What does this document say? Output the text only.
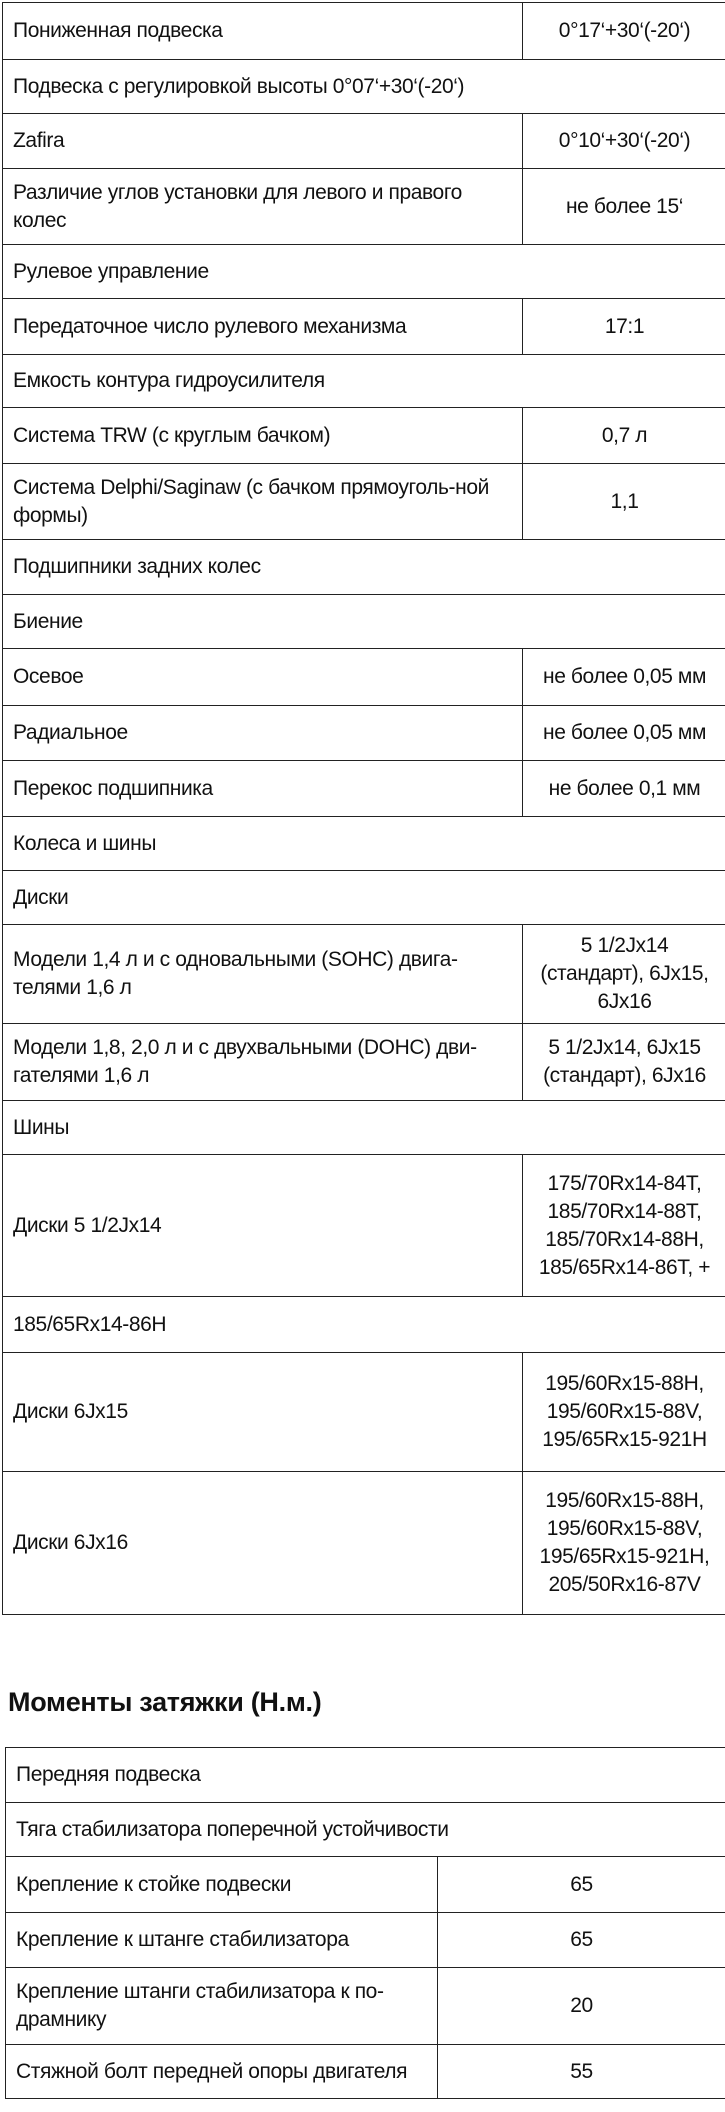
Пониженная подвеска	0°17‘+30‘(-20‘)
Подвеска с регулировкой высоты 0°07‘+30‘(-20‘)	
Zafira	0°10‘+30‘(-20‘)
Различие углов установки для левого и правого колес	не более 15‘
Рулевое управление	
Передаточное число рулевого механизма	17:1
Емкость контура гидроусилителя	
Система TRW (с круглым бачком)	0,7 л
Система Delphi/Saginaw (с бачком прямоуголь-ной формы)	1,1
Подшипники задних колес	
Биение	
Осевое	не более 0,05 мм
Радиальное	не более 0,05 мм
Перекос подшипника	не более 0,1 мм
Колеса и шины	
Диски	
Модели 1,4 л и с одновальными (SOHC) двига-телями 1,6 л	5 1/2Jx14 (стандарт), 6Jx15, 6Jx16
Модели 1,8, 2,0 л и с двухвальными (DOHC) дви-гателями 1,6 л	5 1/2Jx14, 6Jx15 (стандарт), 6Jx16
Шины	
Диски 5 1/2Jx14	175/70Rx14-84T, 185/70Rx14-88T, 185/70Rx14-88H, 185/65Rx14-86T, +
185/65Rx14-86H	
Диски 6Jx15	195/60Rx15-88H, 195/60Rx15-88V, 195/65Rx15-921H
Диски 6Jx16	195/60Rx15-88H, 195/60Rx15-88V, 195/65Rx15-921H, 205/50Rx16-87V
Моменты затяжки (Н.м.)
Передняя подвеска	
Тяга стабилизатора поперечной устойчивости	
Крепление к стойке подвески	65
Крепление к штанге стабилизатора	65
Крепление штанги стабилизатора к по-драмнику	20
Стяжной болт передней опоры двигателя	55
